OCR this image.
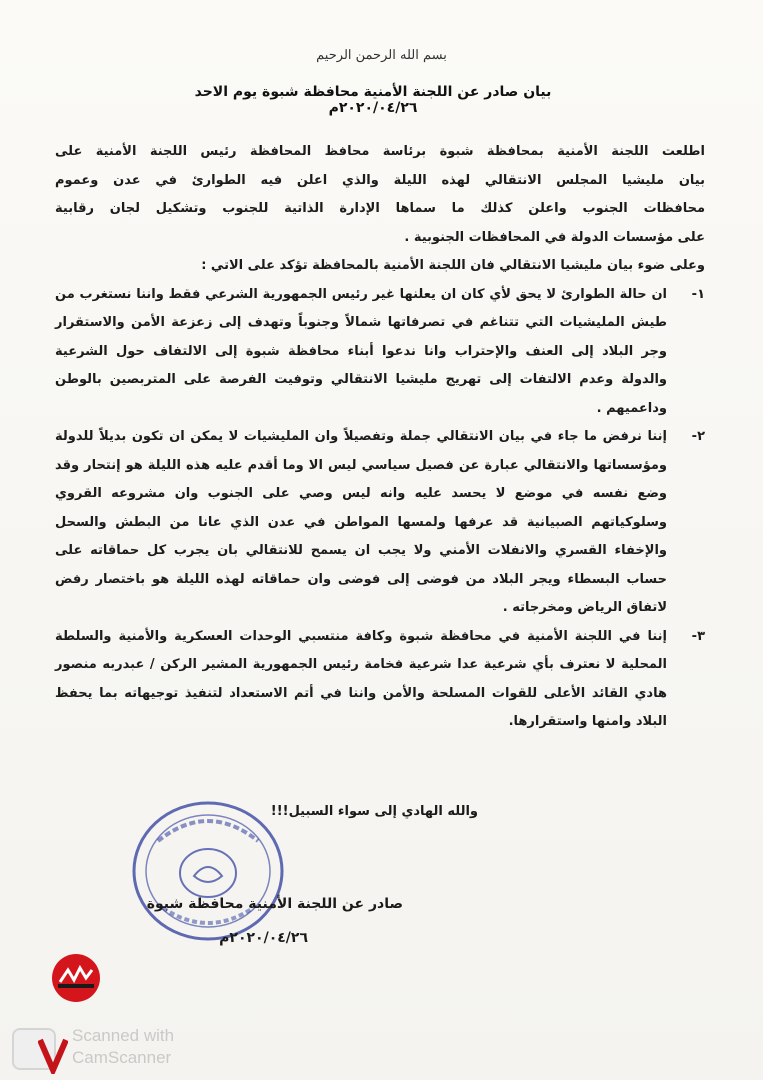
بسم الله الرحمن الرحيم
بيان صادر عن اللجنة الأمنية محافظة شبوة يوم الاحد ٢٠٢٠/٠٤/٢٦م

اطلعت اللجنة الأمنية بمحافظة شبوة برئاسة محافظ المحافظة رئيس اللجنة الأمنية على

بيان مليشيا المجلس الانتقالي لهذه الليلة والذي اعلن فيه الطوارئ في عدن وعموم

محافظات الجنوب واعلن كذلك ما سماها الإدارة الذاتية للجنوب وتشكيل لجان رقابية

على مؤسسات الدولة في المحافظات الجنوبية .

وعلى ضوء بيان مليشيا الانتقالي فان اللجنة الأمنية بالمحافظة تؤكد على الاتي :

١-

ان حالة الطوارئ لا يحق لأي كان ان يعلنها غير رئيس الجمهورية الشرعي فقط واننا نستغرب من طيش المليشيات التي تتناغم في تصرفاتها شمالاً وجنوباً وتهدف إلى زعزعة الأمن والاستقرار وجر البلاد إلى العنف والإحتراب وانا ندعوا أبناء محافظة شبوة إلى الالتفاف حول الشرعية والدولة وعدم الالتفات إلى تهريج مليشيا الانتقالي وتوفيت الفرصة على المتربصين بالوطن وداعميهم .

٢-

إننا نرفض ما جاء في بيان الانتقالي جملة وتفصيلاً وان المليشيات لا يمكن ان تكون بديلاً للدولة ومؤسساتها والانتقالي عبارة عن فصيل سياسي ليس الا وما أقدم عليه هذه الليلة هو إنتحار وقد وضع نفسه في موضع لا يحسد عليه وانه ليس وصي على الجنوب وان مشروعه القروي وسلوكياتهم الصبيانية قد عرفها ولمسها المواطن في عدن الذي عانا من البطش والسحل والإخفاء القسري والانفلات الأمني ولا يجب ان يسمح للانتقالي بان يجرب كل حماقاته على حساب البسطاء ويجر البلاد من فوضى إلى فوضى وان حماقاته لهذه الليلة هو باختصار رفض لاتفاق الرياض ومخرجاته .

٣-

إننا في اللجنة الأمنية في محافظة شبوة وكافة منتسبي الوحدات العسكرية والأمنية والسلطة المحلية لا نعترف بأي شرعية عدا شرعية فخامة رئيس الجمهورية المشير الركن / عبدربه منصور هادي القائد الأعلى للقوات المسلحة والأمن واننا في أتم الاستعداد لتنفيذ توجيهاته بما يحفظ البلاد وامنها واستقرارها.

والله الهادي إلى سواء السبيل!!!
صادر عن اللجنة الأمنية محافظة شبوة
٢٠٢٠/٠٤/٢٦م
Scanned with
CamScanner
